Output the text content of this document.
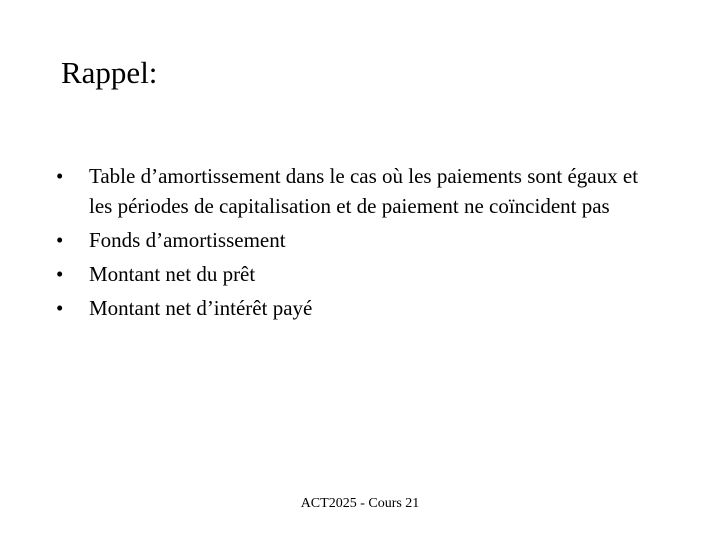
Rappel:
•	Table d’amortissement dans le cas où les paiements sont égaux et les périodes de capitalisation et de paiement ne coïncident pas
•	Fonds d’amortissement
•	Montant net du prêt
•	Montant net d’intérêt payé
ACT2025 - Cours 21
